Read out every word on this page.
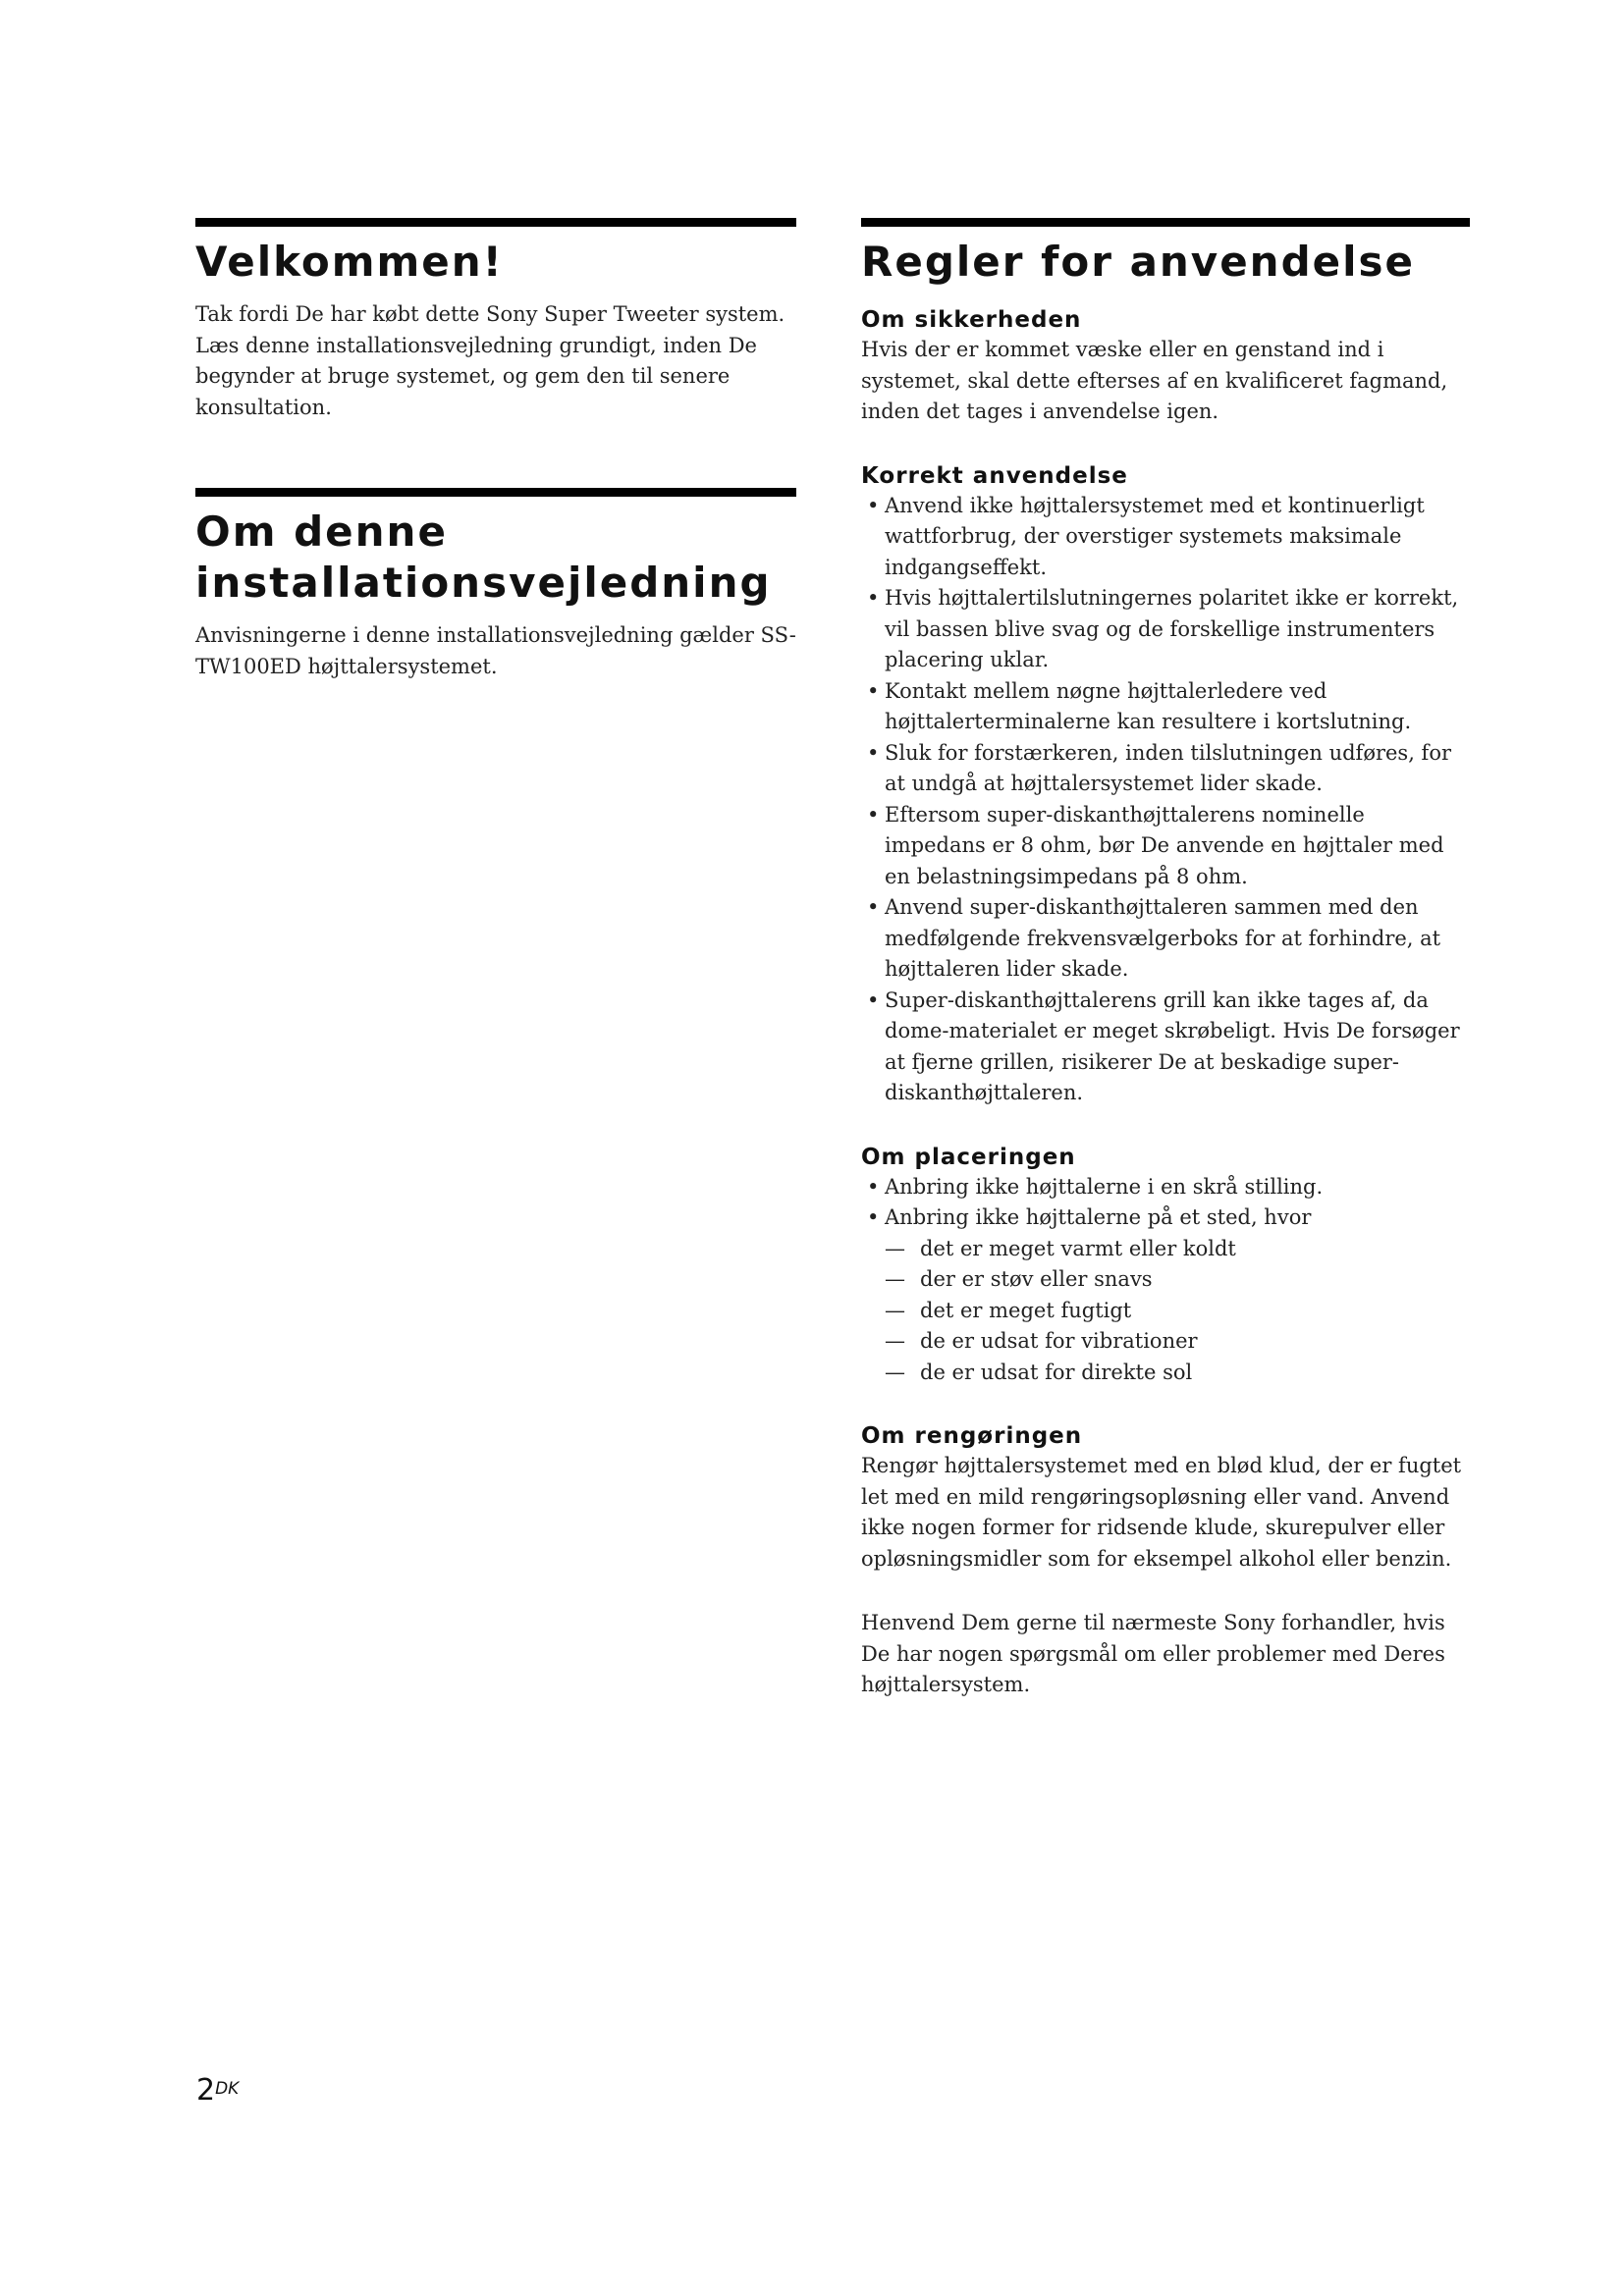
Velkommen!

Tak fordi De har købt dette Sony Super Tweeter system. Læs denne installationsvejledning grundigt, inden De begynder at bruge systemet, og gem den til senere konsultation.

Om denne
installationsvejledning

Anvisningerne i denne installationsvejledning gælder SS-TW100ED højttalersystemet.

Regler for anvendelse
Om sikkerheden

Hvis der er kommet væske eller en genstand ind i systemet, skal dette efterses af en kvalificeret fagmand, inden det tages i anvendelse igen.

Korrekt anvendelse
• Anvend ikke højttalersystemet med et kontinuerligt wattforbrug, der overstiger systemets maksimale indgangseffekt.
• Hvis højttalertilslutningernes polaritet ikke er korrekt, vil bassen blive svag og de forskellige instrumenters placering uklar.
• Kontakt mellem nøgne højttalerledere ved højttalerterminalerne kan resultere i kortslutning.
• Sluk for forstærkeren, inden tilslutningen udføres, for at undgå at højttalersystemet lider skade.
• Eftersom super-diskanthøjttalerens nominelle impedans er 8 ohm, bør De anvende en højttaler med en belastningsimpedans på 8 ohm.
• Anvend super-diskanthøjttaleren sammen med den medfølgende frekvensvælgerboks for at forhindre, at højttaleren lider skade.
• Super-diskanthøjttalerens grill kan ikke tages af, da dome-materialet er meget skrøbeligt. Hvis De forsøger at fjerne grillen, risikerer De at beskadige super-diskanthøjttaleren.
Om placeringen
• Anbring ikke højttalerne i en skrå stilling.
• Anbring ikke højttalerne på et sted, hvor
— det er meget varmt eller koldt
— der er støv eller snavs
— det er meget fugtigt
— de er udsat for vibrationer
— de er udsat for direkte sol
Om rengøringen

Rengør højttalersystemet med en blød klud, der er fugtet let med en mild rengøringsopløsning eller vand. Anvend ikke nogen former for ridsende klude, skurepulver eller opløsningsmidler som for eksempel alkohol eller benzin.

Henvend Dem gerne til nærmeste Sony forhandler, hvis De har nogen spørgsmål om eller problemer med Deres højttalersystem.

$2^{DK}$
